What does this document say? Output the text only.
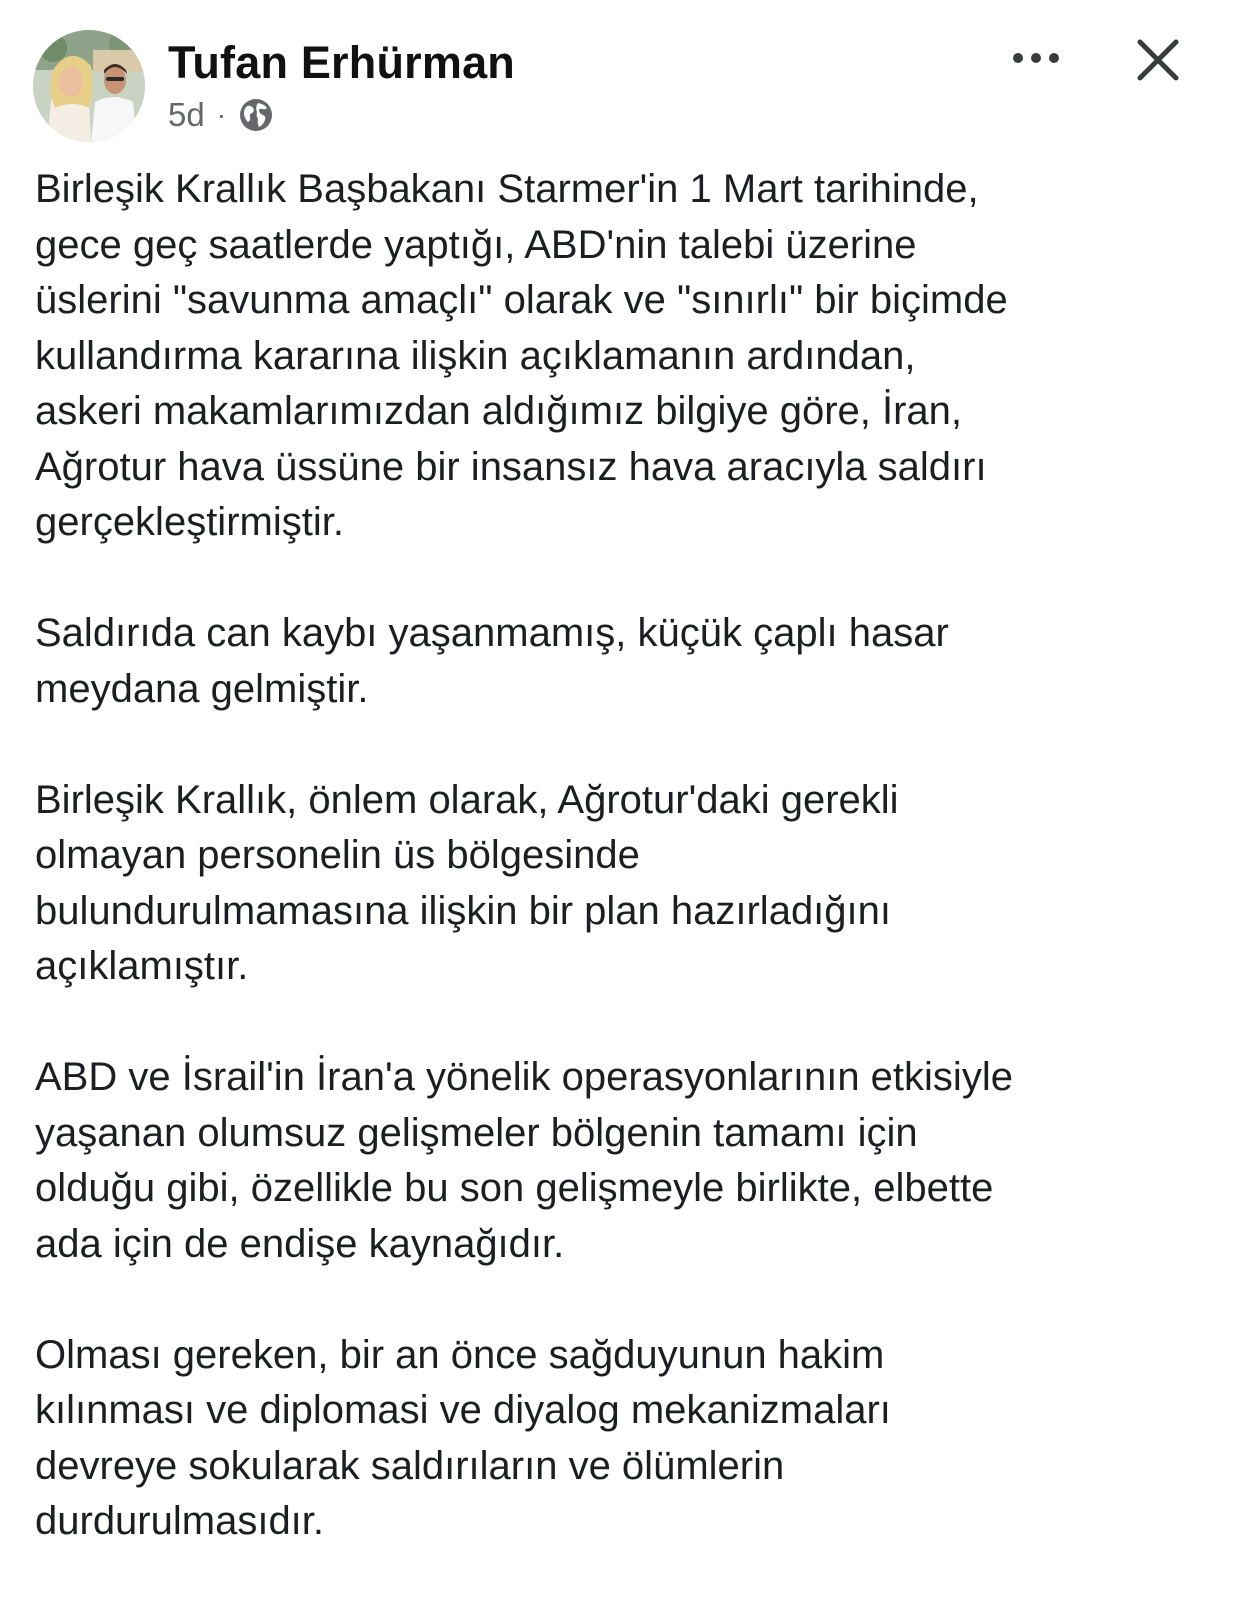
Tufan Erhürman
5d ·

Birleşik Krallık Başbakanı Starmer'in 1 Mart tarihinde,
gece geç saatlerde yaptığı, ABD'nin talebi üzerine
üslerini "savunma amaçlı" olarak ve "sınırlı" bir biçimde
kullandırma kararına ilişkin açıklamanın ardından,
askeri makamlarımızdan aldığımız bilgiye göre, İran,
Ağrotur hava üssüne bir insansız hava aracıyla saldırı
gerçekleştirmiştir.

Saldırıda can kaybı yaşanmamış, küçük çaplı hasar
meydana gelmiştir.

Birleşik Krallık, önlem olarak, Ağrotur'daki gerekli
olmayan personelin üs bölgesinde
bulundurulmamasına ilişkin bir plan hazırladığını
açıklamıştır.

ABD ve İsrail'in İran'a yönelik operasyonlarının etkisiyle
yaşanan olumsuz gelişmeler bölgenin tamamı için
olduğu gibi, özellikle bu son gelişmeyle birlikte, elbette
ada için de endişe kaynağıdır.

Olması gereken, bir an önce sağduyunun hakim
kılınması ve diplomasi ve diyalog mekanizmaları
devreye sokularak saldırıların ve ölümlerin
durdurulmasıdır.
